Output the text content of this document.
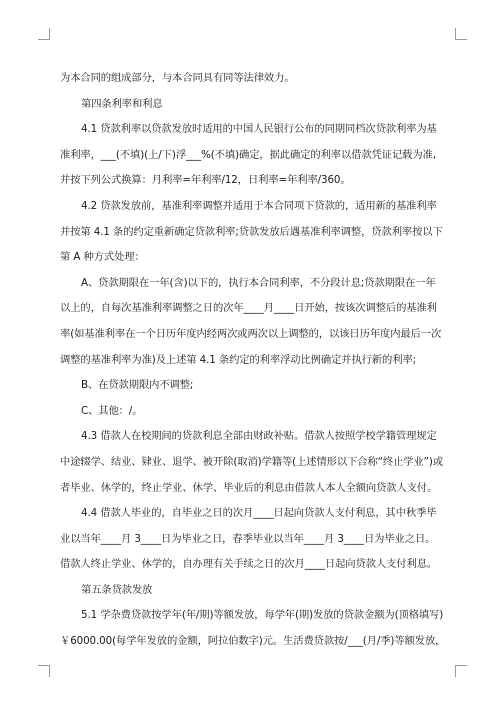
为本合同的组成部分，与本合同具有同等法律效力。

第四条利率和利息

4.1 贷款利率以贷款发放时适用的中国人民银行公布的同期同档次贷款利率为基

准利率，___(不填)(上/下)浮___%(不填)确定，据此确定的利率以借款凭证记载为准,

并按下列公式换算：月利率=年利率/12，日利率=年利率/360。

4.2 贷款发放前，基准利率调整并适用于本合同项下贷款的，适用新的基准利率

并按第 4.1 条的约定重新确定贷款利率;贷款发放后遇基准利率调整，贷款利率按以下

第 A 种方式处理：

A、贷款期限在一年(含)以下的，执行本合同利率，不分段计息;贷款期限在一年

以上的，自每次基准利率调整之日的次年____月____日开始，按该次调整后的基准利

率(如基准利率在一个日历年度内经两次或两次以上调整的，以该日历年度内最后一次

调整的基准利率为准)及上述第 4.1 条约定的利率浮动比例确定并执行新的利率;

B、在贷款期限内不调整;

C、其他：/。

4.3 借款人在校期间的贷款利息全部由财政补贴。借款人按照学校学籍管理规定

中途辍学、结业、肄业、退学、被开除(取消)学籍等(上述情形以下合称“终止学业”)或

者毕业、休学的，终止学业、休学、毕业后的利息由借款人本人全额向贷款人支付。

4.4 借款人毕业的，自毕业之日的次月____日起向贷款人支付利息，其中秋季毕

业以当年____月 3____日为毕业之日，春季毕业以当年____月 3____日为毕业之日。

借款人终止学业、休学的，自办理有关手续之日的次月____日起向贷款人支付利息。

第五条贷款发放

5.1 学杂费贷款按学年(年/期)等额发放，每学年(期)发放的贷款金额为(顶格填写)

￥6000.00(每学年发放的金额，阿拉伯数字)元。生活费贷款按/___(月/季)等额发放，
